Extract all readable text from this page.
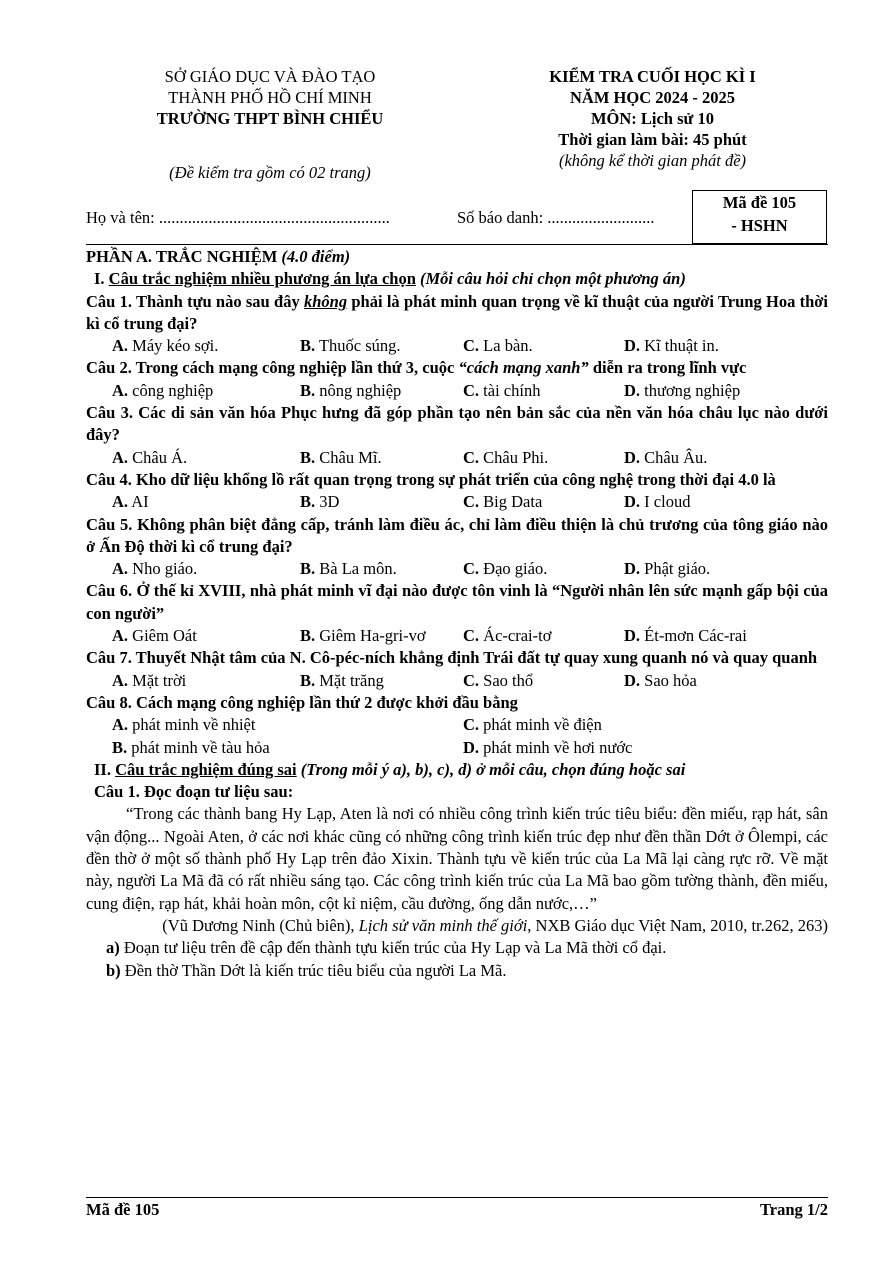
SỞ GIÁO DỤC VÀ ĐÀO TẠO
THÀNH PHỐ HỒ CHÍ MINH
TRƯỜNG THPT BÌNH CHIỂU
(Đề kiểm tra gồm có 02 trang)
KIỂM TRA CUỐI HỌC KÌ I
NĂM HỌC 2024 - 2025
MÔN: Lịch sử 10
Thời gian làm bài: 45 phút
(không kể thời gian phát đề)
Họ và tên: ........................................................	Số báo danh: ..........................
Mã đề 105
- HSHN
PHẦN A. TRẮC NGHIỆM (4.0 điểm)
I. Câu trắc nghiệm nhiều phương án lựa chọn (Mỗi câu hỏi chỉ chọn một phương án)
Câu 1. Thành tựu nào sau đây không phải là phát minh quan trọng về kĩ thuật của người Trung Hoa thời kì cổ trung đại?
A. Máy kéo sợi.	B. Thuốc súng.	C. La bàn.	D. Kĩ thuật in.
Câu 2. Trong cách mạng công nghiệp lần thứ 3, cuộc “cách mạng xanh” diễn ra trong lĩnh vực
A. công nghiệp	B. nông nghiệp	C. tài chính	D. thương nghiệp
Câu 3. Các di sản văn hóa Phục hưng đã góp phần tạo nên bản sắc của nền văn hóa châu lục nào dưới đây?
A. Châu Á.	B. Châu Mĩ.	C. Châu Phi.	D. Châu Âu.
Câu 4. Kho dữ liệu khổng lồ rất quan trọng trong sự phát triển của công nghệ trong thời đại 4.0 là
A. AI	B. 3D	C. Big Data	D. I cloud
Câu 5. Không phân biệt đẳng cấp, tránh làm điều ác, chỉ làm điều thiện là chủ trương của tông giáo nào ở Ấn Độ thời kì cổ trung đại?
A. Nho giáo.	B. Bà La môn.	C. Đạo giáo.	D. Phật giáo.
Câu 6. Ở thế kỉ XVIII, nhà phát minh vĩ đại nào được tôn vinh là “Người nhân lên sức mạnh gấp bội của con người”
A. Giêm Oát	B. Giêm Ha-gri-vơ C. Ác-crai-tơ	D. Ét-mơn Các-rai
Câu 7. Thuyết Nhật tâm của N. Cô-péc-ních khẳng định Trái đất tự quay xung quanh nó và quay quanh
A. Mặt trời	B. Mặt trăng	C. Sao thổ	D. Sao hỏa
Câu 8. Cách mạng công nghiệp lần thứ 2 được khởi đầu bằng
A. phát minh về nhiệt	C. phát minh về điện
B. phát minh về tàu hỏa	D. phát minh về hơi nước
II. Câu trắc nghiệm đúng sai (Trong mỗi ý a), b), c), d) ở mỗi câu, chọn đúng hoặc sai
Câu 1. Đọc đoạn tư liệu sau:
“Trong các thành bang Hy Lạp, Aten là nơi có nhiều công trình kiến trúc tiêu biểu: đền miếu, rạp hát, sân vận động... Ngoài Aten, ở các nơi khác cũng có những công trình kiến trúc đẹp như đền thần Dớt ở Ôlempi, các đền thờ ở một số thành phố Hy Lạp trên đảo Xixin. Thành tựu về kiến trúc của La Mã lại càng rực rỡ. Về mặt này, người La Mã đã có rất nhiều sáng tạo. Các công trình kiến trúc của La Mã bao gồm tường thành, đền miếu, cung điện, rạp hát, khải hoàn môn, cột kỉ niệm, cầu đường, ống dẫn nước,…”
(Vũ Dương Ninh (Chủ biên), Lịch sử văn minh thế giới, NXB Giáo dục Việt Nam, 2010, tr.262, 263)
a) Đoạn tư liệu trên đề cập đến thành tựu kiến trúc của Hy Lạp và La Mã thời cổ đại.
b) Đền thờ Thần Dớt là kiến trúc tiêu biểu của người La Mã.
Mã đề 105	Trang 1/2
